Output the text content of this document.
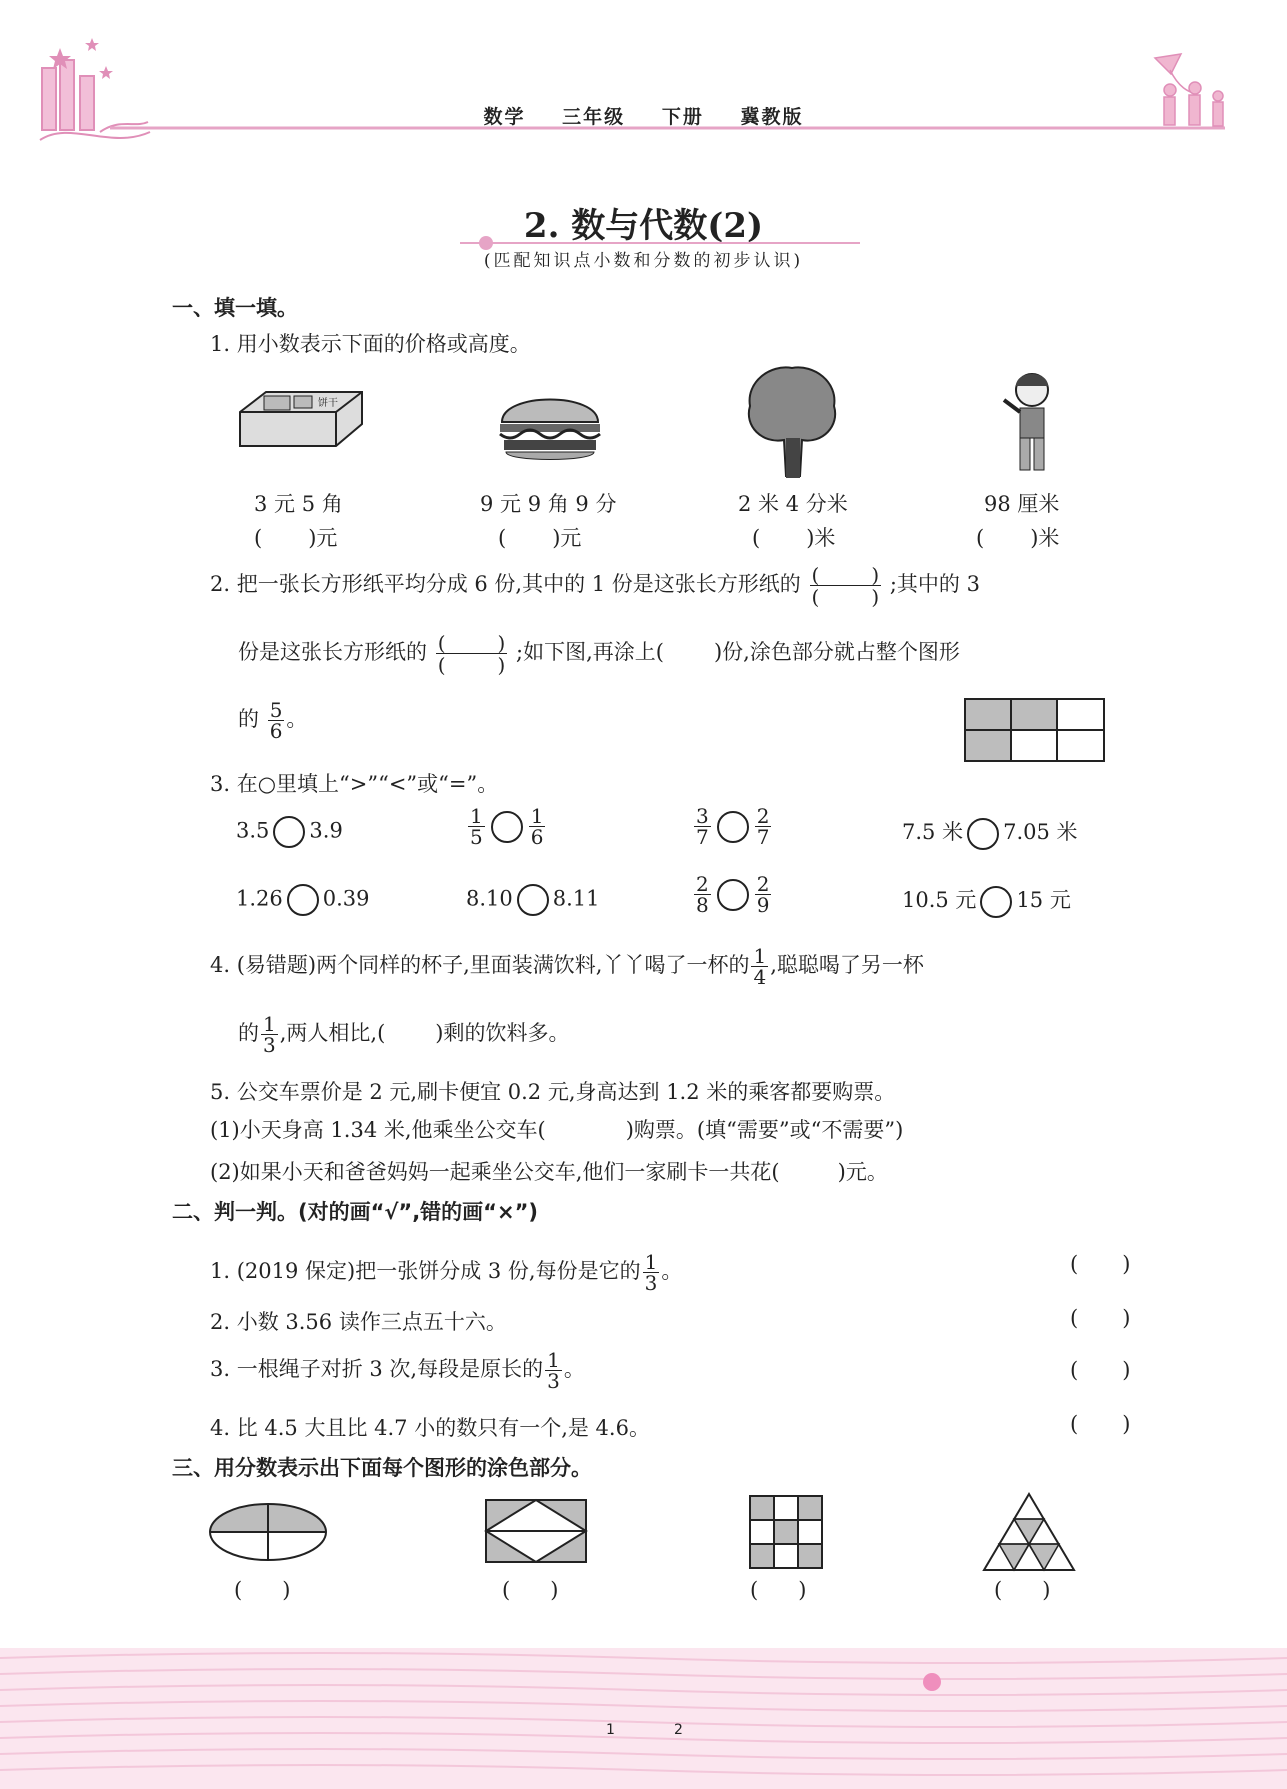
数学 三年级 下册 冀教版
2. 数与代数(2)
(匹配知识点小数和分数的初步认识)
一、填一填。
1. 用小数表示下面的价格或高度。
饼干
3 元 5 角	9 元 9 角 9 分	2 米 4 分米	98 厘米
( )元	( )元	( )米	( )米
2. 把一张长方形纸平均分成 6 份,其中的 1 份是这张长方形纸的 (	)
(	) ;其中的 3
份是这张长方形纸的 (	)
(	) ;如下图,再涂上( )份,涂色部分就占整个图形
的 $\frac{5}{6}$ 。
3. 在○里填上“>”“<”或“=”。
3.5 3.9	$\frac{1}{5} \frac{1}{6}$	$\frac{3}{7} \frac{2}{7}$	7.5 米 7.05 米
1.26 0.39	8.10 8.11	$\frac{2}{8} \frac{2}{9}$	10.5 元 15 元
4. (易错题)两个同样的杯子,里面装满饮料,丫丫喝了一杯的 $\frac{1}{4}$ ,聪聪喝了另一杯
的 $\frac{1}{3}$ ,两人相比,( )剩的饮料多。
5. 公交车票价是 2 元,刷卡便宜 0.2 元,身高达到 1.2 米的乘客都要购票。
(1)小天身高 1.34 米,他乘坐公交车(	)购票。(填“需要”或“不需要”)
(2)如果小天和爸爸妈妈一起乘坐公交车,他们一家刷卡一共花(	)元。
二、判一判。(对的画“√”,错的画“×”)
1. (2019 保定)把一张饼分成 3 份,每份是它的 $\frac{1}{3}$ 。
2. 小数 3.56 读作三点五十六。
3. 一根绳子对折 3 次,每段是原长的 $\frac{1}{3}$ 。
4. 比 4.5 大且比 4.7 小的数只有一个,是 4.6。
( )
( )
( )
( )
三、用分数表示出下面每个图形的涂色部分。
( )	( )	( )	( )
1	2
